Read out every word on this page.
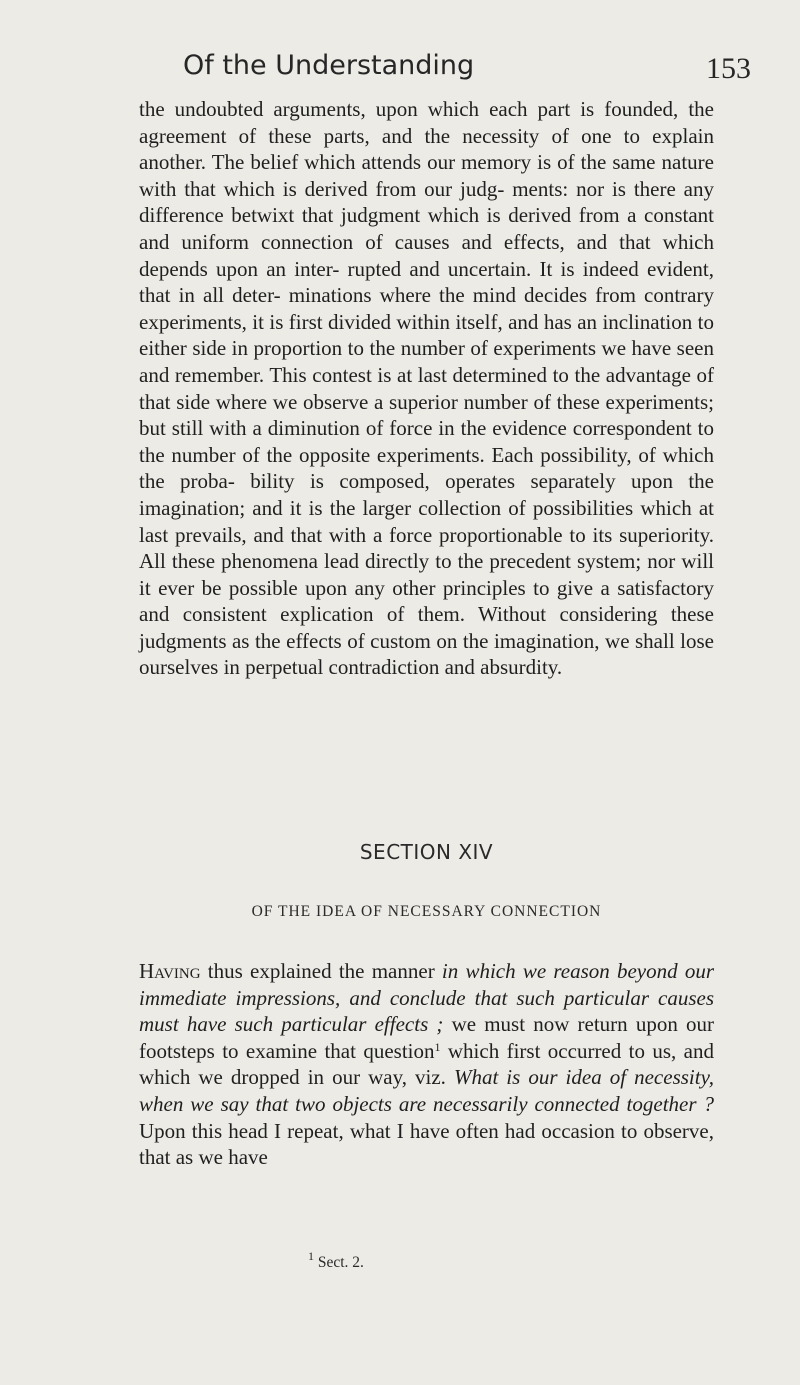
Of the Understanding	153

the undoubted arguments, upon which each part is founded, the agreement of these parts, and the necessity of one to explain another. The belief which attends our memory is of the same nature with that which is derived from our judg- ments: nor is there any difference betwixt that judgment which is derived from a constant and uniform connection of causes and effects, and that which depends upon an inter- rupted and uncertain. It is indeed evident, that in all deter- minations where the mind decides from contrary experiments, it is first divided within itself, and has an inclination to either side in proportion to the number of experiments we have seen and remember. This contest is at last determined to the advantage of that side where we observe a superior number of these experiments; but still with a diminution of force in the evidence correspondent to the number of the opposite experiments. Each possibility, of which the proba- bility is composed, operates separately upon the imagination; and it is the larger collection of possibilities which at last prevails, and that with a force proportionable to its superiority. All these phenomena lead directly to the precedent system; nor will it ever be possible upon any other principles to give a satisfactory and consistent explication of them. Without considering these judgments as the effects of custom on the imagination, we shall lose ourselves in perpetual contradiction and absurdity.

SECTION XIV
OF THE IDEA OF NECESSARY CONNECTION

Having thus explained the manner in which we reason beyond our immediate impressions, and conclude that such particular causes must have such particular effects ; we must now return upon our footsteps to examine that question$^1$ which first occurred to us, and which we dropped in our way, viz. What is our idea of necessity, when we say that two objects are necessarily connected together ? Upon this head I repeat, what I have often had occasion to observe, that as we have

$^1$ Sect. 2.
